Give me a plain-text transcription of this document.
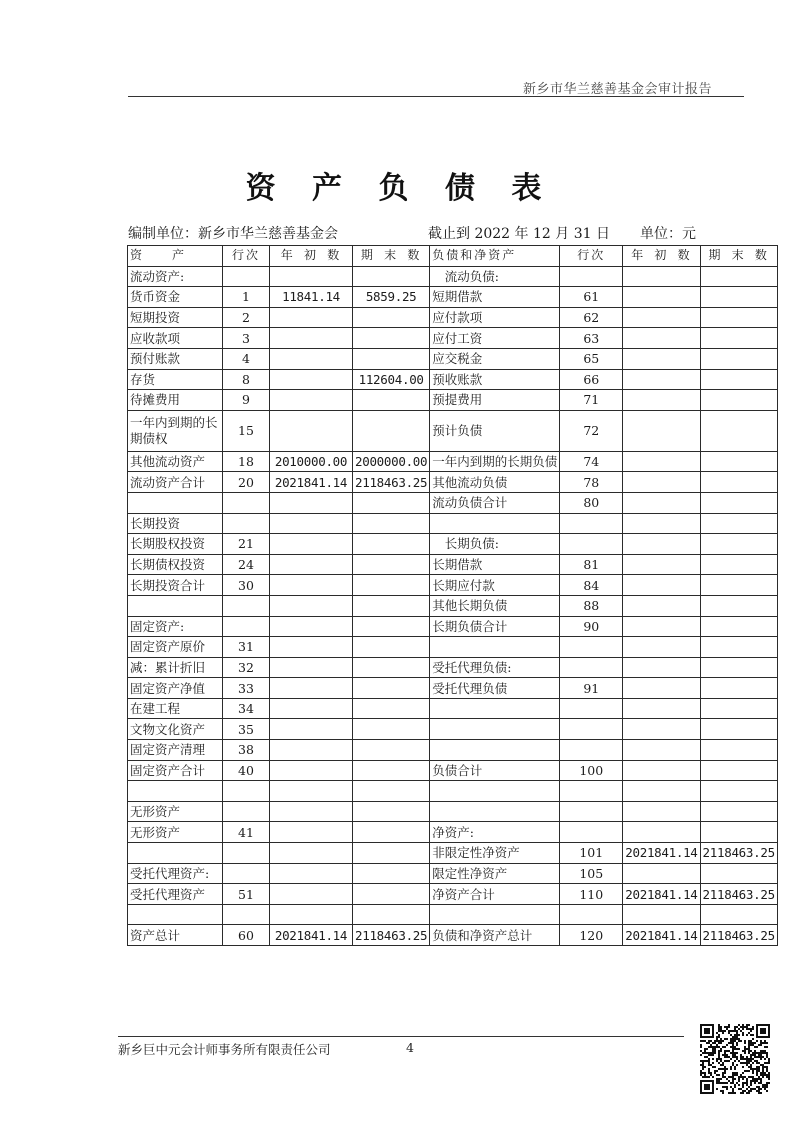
新乡市华兰慈善基金会审计报告
资 产 负 债 表
编制单位：新乡市华兰慈善基金会	截止到 2022 年 12 月 31 日 单位：元
资　　产	行次	年 初 数	期 末 数	负债和净资产	行次	年 初 数	期 末 数
流动资产:				　流动负债:			
货币资金	1	11841.14	5859.25	短期借款	61		
短期投资	2			应付款项	62		
应收款项	3			应付工资	63		
预付账款	4			应交税金	65		
存货	8		112604.00	预收账款	66		
待摊费用	9			预提费用	71		
一年内到期的长期债权	15			预计负债	72		
其他流动资产	18	2010000.00	2000000.00	一年内到期的长期负债	74		
流动资产合计	20	2021841.14	2118463.25	其他流动负债	78		
				流动负债合计	80		
长期投资							
长期股权投资	21			　长期负债:			
长期债权投资	24			长期借款	81		
长期投资合计	30			长期应付款	84		
				其他长期负债	88		
固定资产:				长期负债合计	90		
固定资产原价	31						
减：累计折旧	32			受托代理负债:			
固定资产净值	33			受托代理负债	91		
在建工程	34						
文物文化资产	35						
固定资产清理	38						
固定资产合计	40			负债合计	100		

无形资产							
无形资产	41			净资产:			
				非限定性净资产	101	2021841.14	2118463.25
受托代理资产:				限定性净资产	105		
受托代理资产	51			净资产合计	110	2021841.14	2118463.25

资产总计	60	2021841.14	2118463.25	负债和净资产总计	120	2021841.14	2118463.25
新乡巨中元会计师事务所有限责任公司	4
